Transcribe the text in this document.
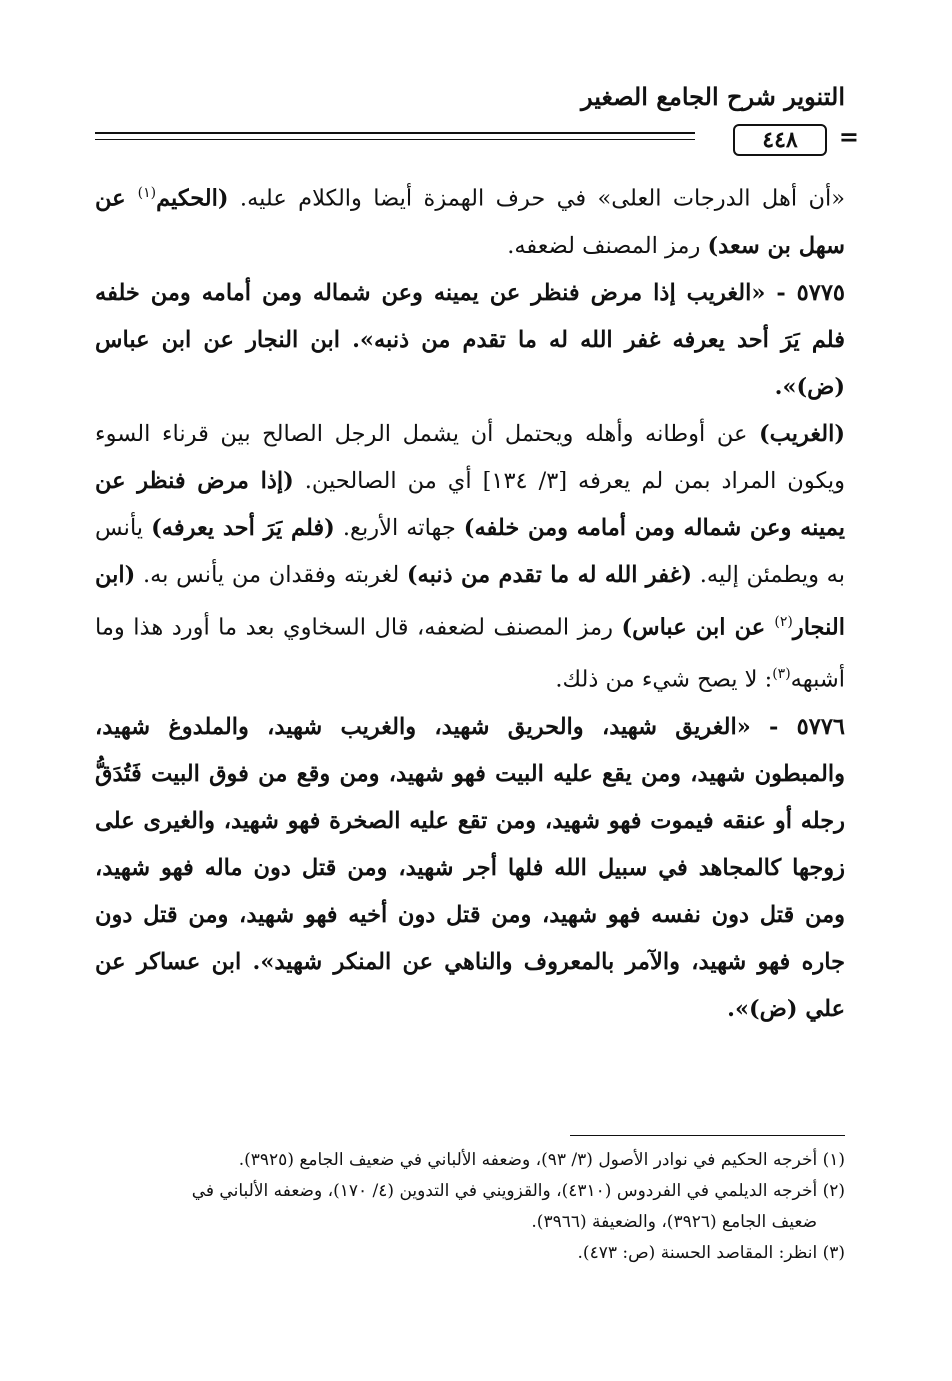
التنوير شرح الجامع الصغير
٤٤٨	=

«أن أهل الدرجات العلى» في حرف الهمزة أيضا والكلام عليه. (الحكيم$^{(١)}$ عن سهل بن سعد) رمز المصنف لضعفه.

٥٧٧٥ - «الغريب إذا مرض فنظر عن يمينه وعن شماله ومن أمامه ومن خلفه فلم يَرَ أحد يعرفه غفر الله له ما تقدم من ذنبه». ابن النجار عن ابن عباس (ض)».

(الغريب) عن أوطانه وأهله ويحتمل أن يشمل الرجل الصالح بين قرناء السوء ويكون المراد بمن لم يعرفه [٣/ ١٣٤] أي من الصالحين. (إذا مرض فنظر عن يمينه وعن شماله ومن أمامه ومن خلفه) جهاته الأربع. (فلم يَرَ أحد يعرفه) يأنس به ويطمئن إليه. (غفر الله له ما تقدم من ذنبه) لغربته وفقدان من يأنس به. (ابن النجار$^{(٢)}$ عن ابن عباس) رمز المصنف لضعفه، قال السخاوي بعد ما أورد هذا وما أشبهه$^{(٣)}$: لا يصح شيء من ذلك.

٥٧٧٦ - «الغريق شهيد، والحريق شهيد، والغريب شهيد، والملدوغ شهيد، والمبطون شهيد، ومن يقع عليه البيت فهو شهيد، ومن وقع من فوق البيت فَتُدَقُّ رجله أو عنقه فيموت فهو شهيد، ومن تقع عليه الصخرة فهو شهيد، والغيرى على زوجها كالمجاهد في سبيل الله فلها أجر شهيد، ومن قتل دون ماله فهو شهيد، ومن قتل دون نفسه فهو شهيد، ومن قتل دون أخيه فهو شهيد، ومن قتل دون جاره فهو شهيد، والآمر بالمعروف والناهي عن المنكر شهيد». ابن عساكر عن علي (ض)».

(١) أخرجه الحكيم في نوادر الأصول (٣/ ٩٣)، وضعفه الألباني في ضعيف الجامع (٣٩٢٥).

(٢) أخرجه الديلمي في الفردوس (٤٣١٠)، والقزويني في التدوين (٤/ ١٧٠)، وضعفه الألباني في

ضعيف الجامع (٣٩٢٦)، والضعيفة (٣٩٦٦).

(٣) انظر: المقاصد الحسنة (ص: ٤٧٣).
